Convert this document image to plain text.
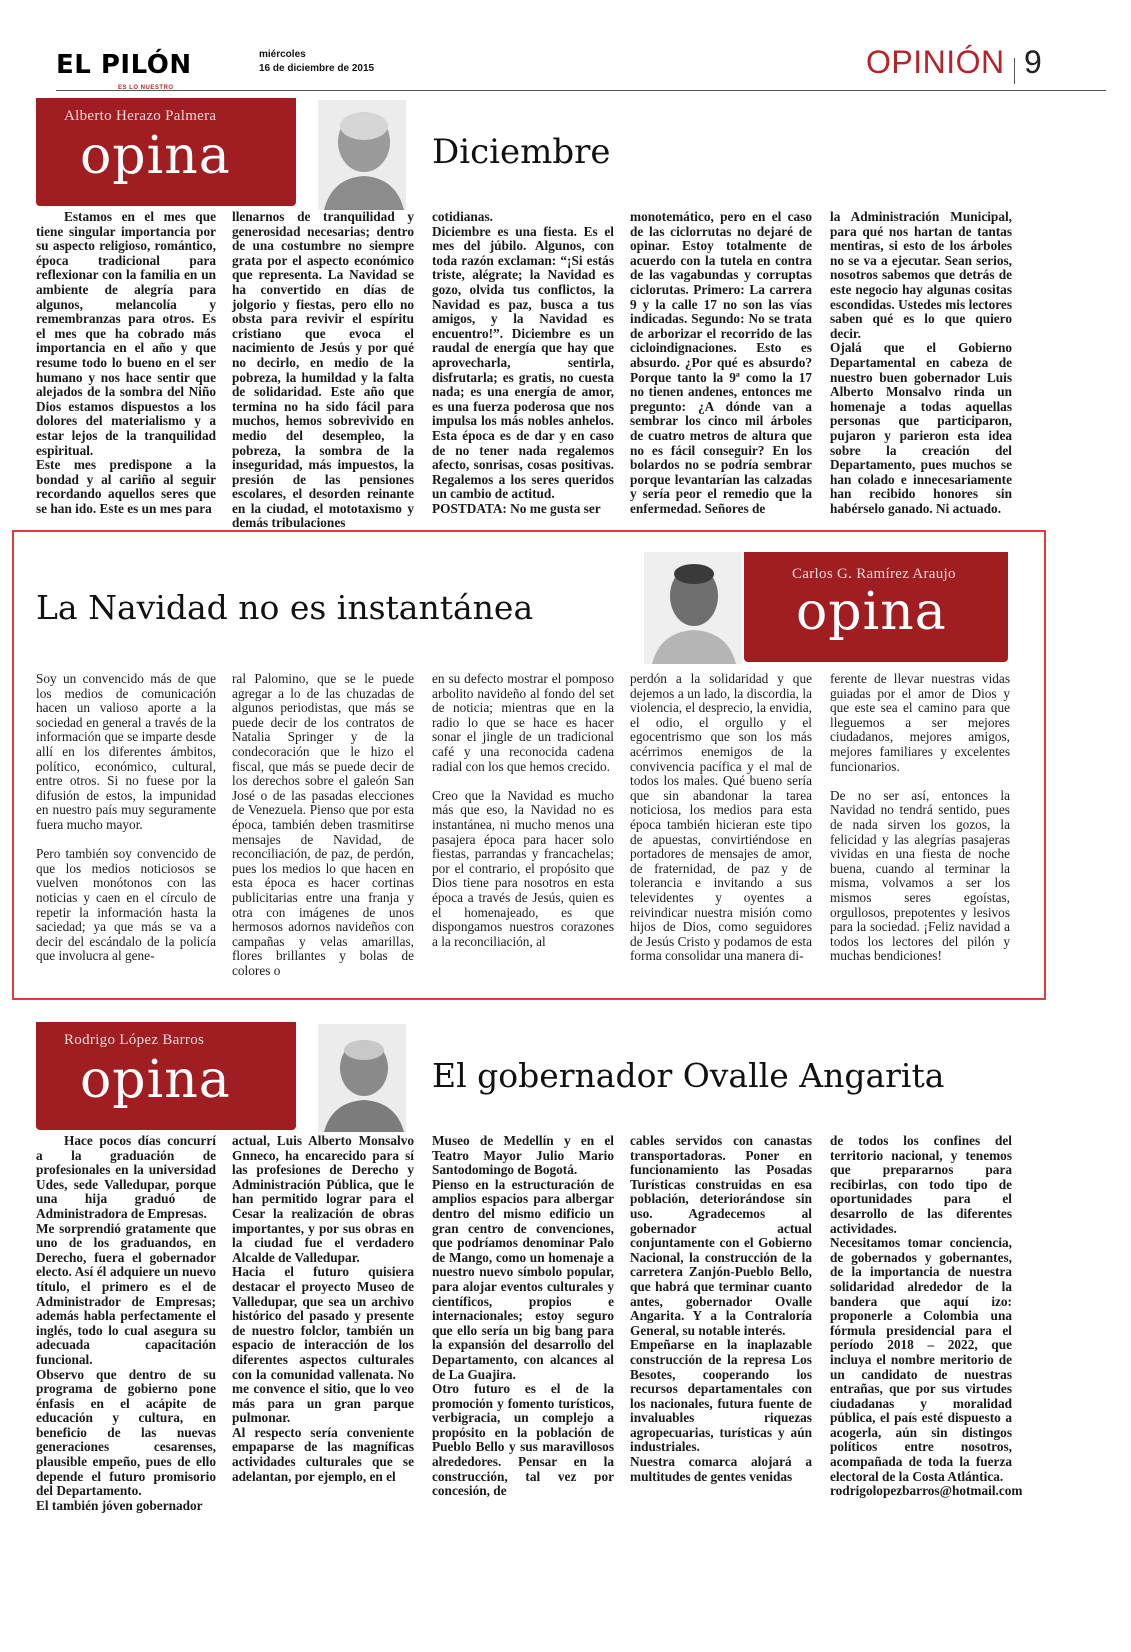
EL PILÓN
ES LO NUESTRO
miércoles
16 de diciembre de 2015	OPINIÓN 9
Alberto Herazo Palmera
opina	Diciembre
Estamos en el mes que tiene singular importancia por su aspecto religioso, romántico, época tradicional para reflexionar con la familia en un ambiente de alegría para algunos, melancolía y remembranzas para otros. Es el mes que ha cobrado más importancia en el año y que resume todo lo bueno en el ser humano y nos hace sentir que alejados de la sombra del Niño Dios estamos dispuestos a los dolores del materialismo y a estar lejos de la tranquilidad espiritual.
Este mes predispone a la bondad y al cariño al seguir recordando aquellos seres que se han ido. Este es un mes para
llenarnos de tranquilidad y generosidad necesarias; dentro de una costumbre no siempre grata por el aspecto económico que representa. La Navidad se ha convertido en días de jolgorio y fiestas, pero ello no obsta para revivir el espíritu cristiano que evoca el nacimiento de Jesús y por qué no decirlo, en medio de la pobreza, la humildad y la falta de solidaridad. Este año que termina no ha sido fácil para muchos, hemos sobrevivido en medio del desempleo, la pobreza, la sombra de la inseguridad, más impuestos, la presión de las pensiones escolares, el desorden reinante en la ciudad, el mototaxismo y demás tribulaciones
cotidianas.
Diciembre es una fiesta. Es el mes del júbilo. Algunos, con toda razón exclaman: “¡Si estás triste, alégrate; la Navidad es gozo, olvida tus conflictos, la Navidad es paz, busca a tus amigos, y la Navidad es encuentro!”. Diciembre es un raudal de energía que hay que aprovecharla, sentirla, disfrutarla; es gratis, no cuesta nada; es una energía de amor, es una fuerza poderosa que nos impulsa los más nobles anhelos. Esta época es de dar y en caso de no tener nada regalemos afecto, sonrisas, cosas positivas. Regalemos a los seres queridos un cambio de actitud.
POSTDATA: No me gusta ser
monotemático, pero en el caso de las ciclorrutas no dejaré de opinar. Estoy totalmente de acuerdo con la tutela en contra de las vagabundas y corruptas ciclorutas. Primero: La carrera 9 y la calle 17 no son las vías indicadas. Segundo: No se trata de arborizar el recorrido de las cicloindignaciones. Esto es absurdo. ¿Por qué es absurdo? Porque tanto la 9ª como la 17 no tienen andenes, entonces me pregunto: ¿A dónde van a sembrar los cinco mil árboles de cuatro metros de altura que no es fácil conseguir? En los bolardos no se podría sembrar porque levantarían las calzadas y sería peor el remedio que la enfermedad. Señores de
la Administración Municipal, para qué nos hartan de tantas mentiras, si esto de los árboles no se va a ejecutar. Sean serios, nosotros sabemos que detrás de este negocio hay algunas cositas escondidas. Ustedes mis lectores saben qué es lo que quiero decir.
Ojalá que el Gobierno Departamental en cabeza de nuestro buen gobernador Luis Alberto Monsalvo rinda un homenaje a todas aquellas personas que participaron, pujaron y parieron esta idea sobre la creación del Departamento, pues muchos se han colado e innecesariamente han recibido honores sin habérselo ganado. Ni actuado.
La Navidad no es instantánea
Carlos G. Ramírez Araujo
opina
Soy un convencido más de que los medios de comunicación hacen un valioso aporte a la sociedad en general a través de la información que se imparte desde allí en los diferentes ámbitos, político, económico, cultural, entre otros. Si no fuese por la difusión de estos, la impunidad en nuestro país muy seguramente fuera mucho mayor.

Pero también soy convencido de que los medios noticiosos se vuelven monótonos con las noticias y caen en el círculo de repetir la información hasta la saciedad; ya que más se va a decir del escándalo de la policía que involucra al gene-
ral Palomino, que se le puede agregar a lo de las chuzadas de algunos periodistas, que más se puede decir de los contratos de Natalia Springer y de la condecoración que le hizo el fiscal, que más se puede decir de los derechos sobre el galeón San José o de las pasadas elecciones de Venezuela. Pienso que por esta época, también deben trasmitirse mensajes de Navidad, de reconciliación, de paz, de perdón, pues los medios lo que hacen en esta época es hacer cortinas publicitarias entre una franja y otra con imágenes de unos hermosos adornos navideños con campañas y velas amarillas, flores brillantes y bolas de colores o
en su defecto mostrar el pomposo arbolito navideño al fondo del set de noticia; mientras que en la radio lo que se hace es hacer sonar el jingle de un tradicional café y una reconocida cadena radial con los que hemos crecido.

Creo que la Navidad es mucho más que eso, la Navidad no es instantánea, ni mucho menos una pasajera época para hacer solo fiestas, parrandas y francachelas; por el contrario, el propósito que Dios tiene para nosotros en esta época a través de Jesús, quien es el homenajeado, es que dispongamos nuestros corazones a la reconciliación, al
perdón a la solidaridad y que dejemos a un lado, la discordia, la violencia, el desprecio, la envidia, el odio, el orgullo y el egocentrismo que son los más acérrimos enemigos de la convivencia pacífica y el mal de todos los males. Qué bueno sería que sin abandonar la tarea noticiosa, los medios para esta época también hicieran este tipo de apuestas, convirtiéndose en portadores de mensajes de amor, de fraternidad, de paz y de tolerancia e invitando a sus televidentes y oyentes a reivindicar nuestra misión como hijos de Dios, como seguidores de Jesús Cristo y podamos de esta forma consolidar una manera di-
ferente de llevar nuestras vidas guiadas por el amor de Dios y que este sea el camino para que lleguemos a ser mejores ciudadanos, mejores amigos, mejores familiares y excelentes funcionarios.

De no ser así, entonces la Navidad no tendrá sentido, pues de nada sirven los gozos, la felicidad y las alegrías pasajeras vividas en una fiesta de noche buena, cuando al terminar la misma, volvamos a ser los mismos seres egoístas, orgullosos, prepotentes y lesivos para la sociedad. ¡Feliz navidad a todos los lectores del pilón y muchas bendiciones!
Rodrigo López Barros
opina	El gobernador Ovalle Angarita
Hace pocos días concurrí a la graduación de profesionales en la universidad Udes, sede Valledupar, porque una hija graduó de Administradora de Empresas.
Me sorprendió gratamente que uno de los graduandos, en Derecho, fuera el gobernador electo. Así él adquiere un nuevo título, el primero es el de Administrador de Empresas; además habla perfectamente el inglés, todo lo cual asegura su adecuada capacitación funcional.
Observo que dentro de su programa de gobierno pone énfasis en el acápite de educación y cultura, en beneficio de las nuevas generaciones cesarenses, plausible empeño, pues de ello depende el futuro promisorio del Departamento.
El también jóven gobernador
actual, Luis Alberto Monsalvo Gnneco, ha encarecido para sí las profesiones de Derecho y Administración Pública, que le han permitido lograr para el Cesar la realización de obras importantes, y por sus obras en la ciudad fue el verdadero Alcalde de Valledupar.
Hacia el futuro quisiera destacar el proyecto Museo de Valledupar, que sea un archivo histórico del pasado y presente de nuestro folclor, también un espacio de interacción de los diferentes aspectos culturales con la comunidad vallenata. No me convence el sitio, que lo veo más para un gran parque pulmonar.
Al respecto sería conveniente empaparse de las magníficas actividades culturales que se adelantan, por ejemplo, en el
Museo de Medellín y en el Teatro Mayor Julio Mario Santodomingo de Bogotá.
Pienso en la estructuración de amplios espacios para albergar dentro del mismo edificio un gran centro de convenciones, que podríamos denominar Palo de Mango, como un homenaje a nuestro nuevo símbolo popular, para alojar eventos culturales y científicos, propios e internacionales; estoy seguro que ello sería un big bang para la expansión del desarrollo del Departamento, con alcances al de La Guajira.
Otro futuro es el de la promoción y fomento turísticos, verbigracia, un complejo a propósito en la población de Pueblo Bello y sus maravillosos alrededores. Pensar en la construcción, tal vez por concesión, de
cables servidos con canastas transportadoras. Poner en funcionamiento las Posadas Turísticas construidas en esa población, deteriorándose sin uso. Agradecemos al gobernador actual conjuntamente con el Gobierno Nacional, la construcción de la carretera Zanjón-Pueblo Bello, que habrá que terminar cuanto antes, gobernador Ovalle Angarita. Y a la Contraloría General, su notable interés.
Empeñarse en la inaplazable construcción de la represa Los Besotes, cooperando los recursos departamentales con los nacionales, futura fuente de invaluables riquezas agropecuarias, turísticas y aún industriales.
Nuestra comarca alojará a multitudes de gentes venidas
de todos los confines del territorio nacional, y tenemos que prepararnos para recibirlas, con todo tipo de oportunidades para el desarrollo de las diferentes actividades.
Necesitamos tomar conciencia, de gobernados y gobernantes, de la importancia de nuestra solidaridad alrededor de la bandera que aquí izo: proponerle a Colombia una fórmula presidencial para el período 2018 – 2022, que incluya el nombre meritorio de un candidato de nuestras entrañas, que por sus virtudes ciudadanas y moralidad pública, el país esté dispuesto a acogerla, aún sin distingos políticos entre nosotros, acompañada de toda la fuerza electoral de la Costa Atlántica.
rodrigolopezbarros@hotmail.com
